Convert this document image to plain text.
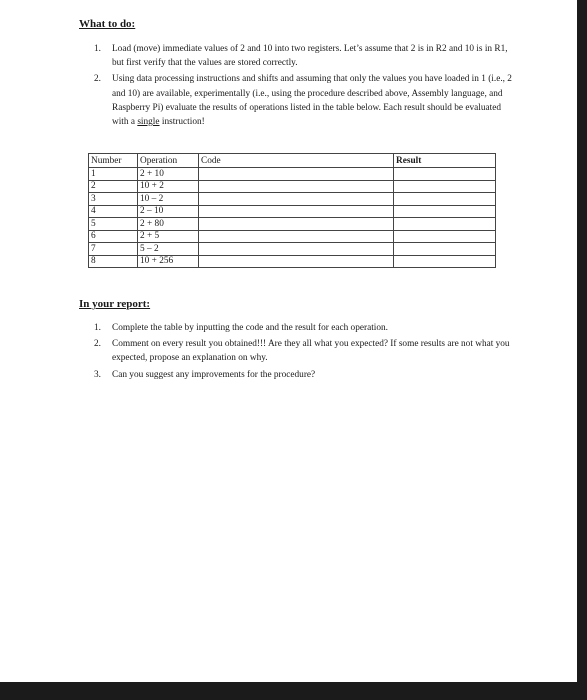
What to do:
1. Load (move) immediate values of 2 and 10 into two registers. Let’s assume that 2 is in R2 and 10 is in R1, but first verify that the values are stored correctly.
2. Using data processing instructions and shifts and assuming that only the values you have loaded in 1 (i.e., 2 and 10) are available, experimentally (i.e., using the procedure described above, Assembly language, and Raspberry Pi) evaluate the results of operations listed in the table below. Each result should be evaluated with a single instruction!
Number	Operation	Code	Result
1	2 + 10		
2	10 + 2		
3	10 – 2		
4	2 – 10		
5	2 + 80		
6	2 + 5		
7	5 – 2		
8	10 + 256		
In your report:
1. Complete the table by inputting the code and the result for each operation.
2. Comment on every result you obtained!!! Are they all what you expected? If some results are not what you expected, propose an explanation on why.
3. Can you suggest any improvements for the procedure?
